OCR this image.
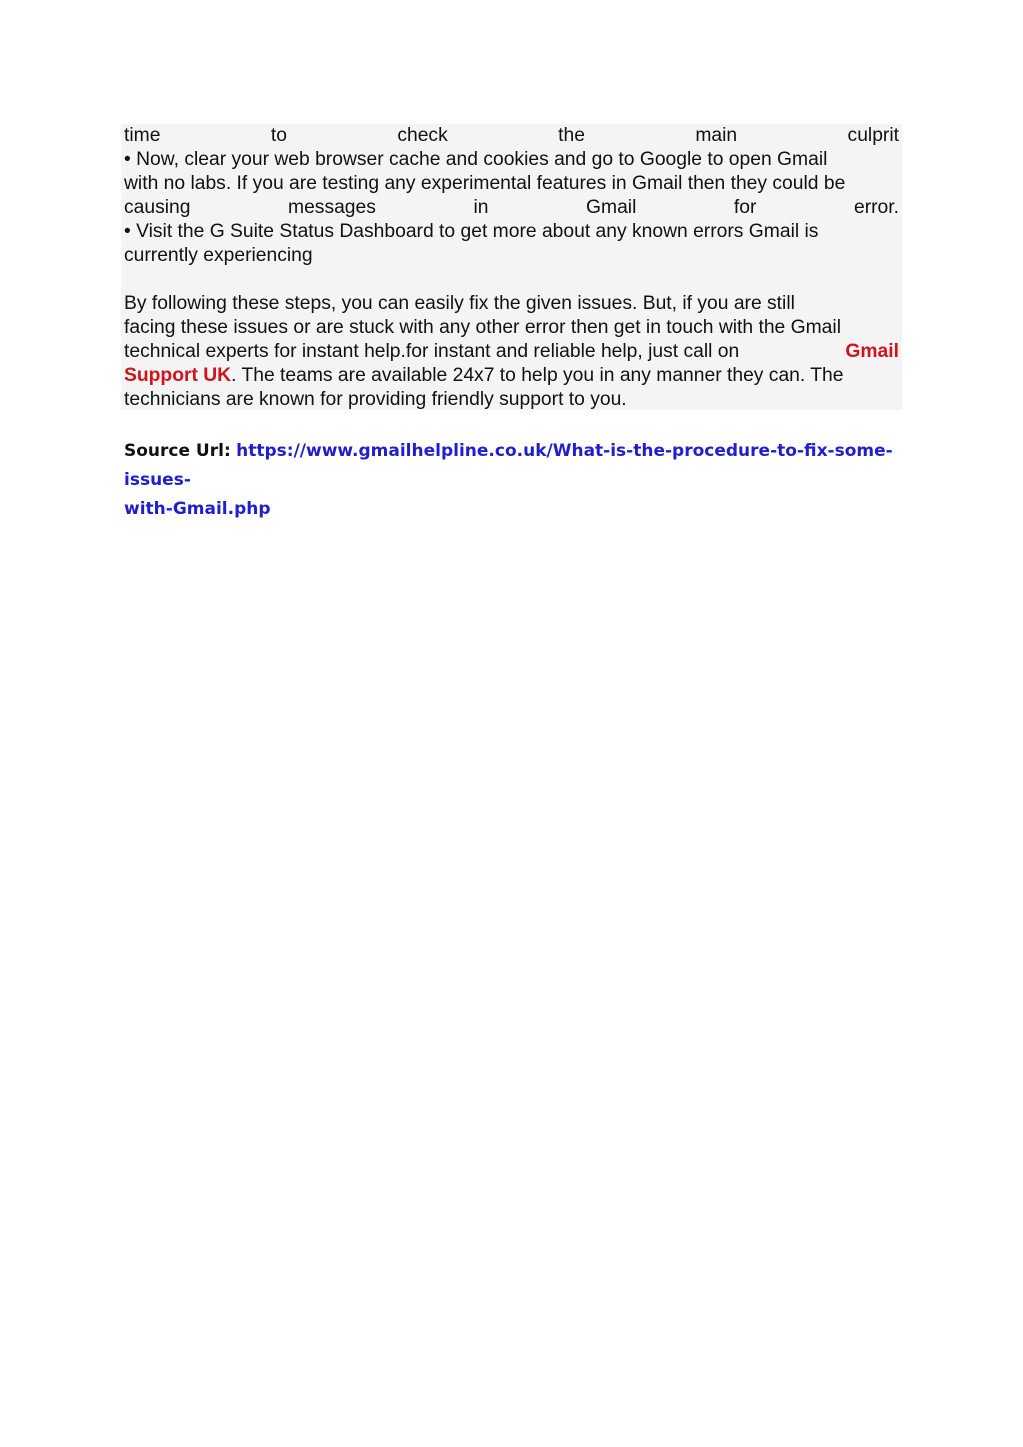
time	to	check	the	main	culprit
• Now, clear your web browser cache and cookies and go to Google to open Gmail
with no labs. If you are testing any experimental features in Gmail then they could be
causing	messages	in	Gmail	for	error.
• Visit the G Suite Status Dashboard to get more about any known errors Gmail is
currently experiencing
By following these steps, you can easily fix the given issues. But, if you are still
facing these issues or are stuck with any other error then get in touch with the Gmail
technical experts for instant help.for instant and reliable help, just call on	Gmail
Support UK. The teams are available 24x7 to help you in any manner they can. The
technicians are known for providing friendly support to you.
Source Url: https://www.gmailhelpline.co.uk/What-is-the-procedure-to-fix-some-issues-
with-Gmail.php
